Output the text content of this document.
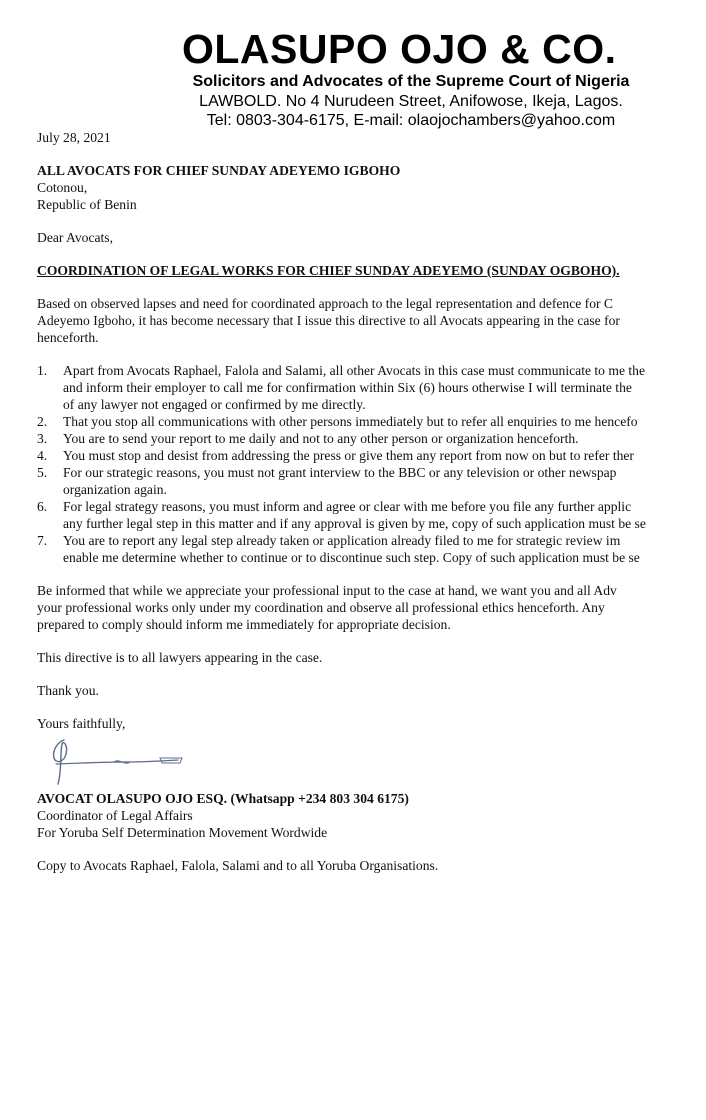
OLASUPO OJO & CO.
Solicitors and Advocates of the Supreme Court of Nigeria
LAWBOLD. No 4 Nurudeen Street, Anifowose, Ikeja, Lagos.
Tel: 0803-304-6175, E-mail: olaojochambers@yahoo.com

July 28, 2021

ALL AVOCATS FOR CHIEF SUNDAY ADEYEMO IGBOHO

Cotonou,

Republic of Benin

Dear Avocats,

COORDINATION OF LEGAL WORKS FOR CHIEF SUNDAY ADEYEMO (SUNDAY OGBOHO).

Based on observed lapses and need for coordinated approach to the legal representation and defence for C

Adeyemo Igboho, it has become necessary that I issue this directive to all Avocats appearing in the case for

henceforth.

1. Apart from Avocats Raphael, Falola and Salami, all other Avocats in this case must communicate to me the

and inform their employer to call me for confirmation within Six (6) hours otherwise I will terminate the

of any lawyer not engaged or confirmed by me directly.

2. That you stop all communications with other persons immediately but to refer all enquiries to me hencefo

3. You are to send your report to me daily and not to any other person or organization henceforth.

4. You must stop and desist from addressing the press or give them any report from now on but to refer ther

5. For our strategic reasons, you must not grant interview to the BBC or any television or other newspap

organization again.

6. For legal strategy reasons, you must inform and agree or clear with me before you file any further applic

any further legal step in this matter and if any approval is given by me, copy of such application must be se

7. You are to report any legal step already taken or application already filed to me for strategic review im

enable me determine whether to continue or to discontinue such step. Copy of such application must be se

Be informed that while we appreciate your professional input to the case at hand, we want you and all Adv

your professional works only under my coordination and observe all professional ethics henceforth. Any

prepared to comply should inform me immediately for appropriate decision.

This directive is to all lawyers appearing in the case.

Thank you.

Yours faithfully,

AVOCAT OLASUPO OJO ESQ. (Whatsapp +234 803 304 6175)

Coordinator of Legal Affairs

For Yoruba Self Determination Movement Wordwide

Copy to Avocats Raphael, Falola, Salami and to all Yoruba Organisations.
